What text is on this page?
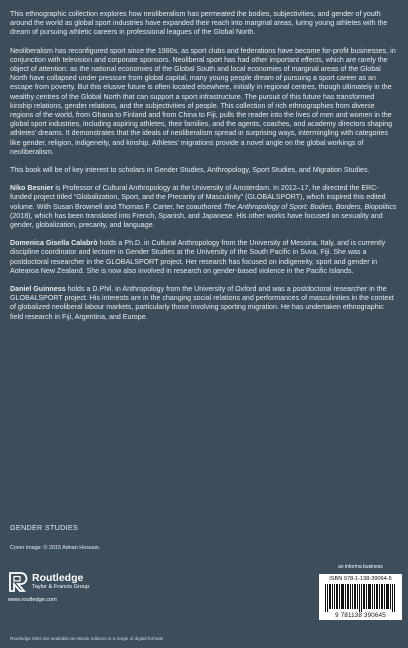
This ethnographic collection explores how neoliberalism has permeated the bodies, subjectivities, and gender of youth around the world as global sport industries have expanded their reach into marginal areas, luring young athletes with the dream of pursuing athletic careers in professional leagues of the Global North.

Neoliberalism has reconfigured sport since the 1980s, as sport clubs and federations have become for-profit businesses, in conjunction with television and corporate sponsors. Neoliberal sport has had other important effects, which are rarely the object of attention: as the national economies of the Global South and local economies of marginal areas of the Global North have collapsed under pressure from global capital, many young people dream of pursuing a sport career as an escape from poverty. But this elusive future is often located elsewhere, initially in regional centres, though ultimately in the wealthy centres of the Global North that can support a sport infrastructure. The pursuit of this future has transformed kinship relations, gender relations, and the subjectivities of people. This collection of rich ethnographies from diverse regions of the world, from Ghana to Finland and from China to Fiji, pulls the reader into the lives of men and women in the global sport industries, including aspiring athletes, their families, and the agents, coaches, and academy directors shaping athletes' dreams. It demonstrates that the ideals of neoliberalism spread in surprising ways, intermingling with categories like gender, religion, indigeneity, and kinship. Athletes' migrations provide a novel angle on the global workings of neoliberalism.

This book will be of key interest to scholars in Gender Studies, Anthropology, Sport Studies, and Migration Studies.

Niko Besnier is Professor of Cultural Anthropology at the University of Amsterdam. In 2012–17, he directed the ERC-funded project titled “Globalization, Sport, and the Precarity of Masculinity” (GLOBALSPORT), which inspired this edited volume. With Susan Brownell and Thomas F. Carter, he coauthored The Anthropology of Sport: Bodies, Borders, Biopolitics (2018), which has been translated into French, Spanish, and Japanese. His other works have focused on sexuality and gender, globalization, precarity, and language.

Domenica Gisella Calabrò holds a Ph.D. in Cultural Anthropology from the University of Messina, Italy, and is currently discipline coordinator and lecturer in Gender Studies at the University of the South Pacific in Suva, Fiji. She was a postdoctoral researcher in the GLOBALSPORT project. Her research has focused on indigeneity, sport and gender in Aotearoa New Zealand. She is now also involved in research on gender-based violence in the Pacific Islands.

Daniel Guinness holds a D.Phil. in Anthropology from the University of Oxford and was a postdoctoral researcher in the GLOBALSPORT project. His interests are in the changing social relations and performances of masculinities in the context of globalized neoliberal labour markets, particularly those involving sporting migration. He has undertaken ethnographic field research in Fiji, Argentina, and Europe.

GENDER STUDIES
Cover image: © 2015 Adnan Hossain.
Routledge
Taylor & Francis Group
www.routledge.com
an informa business
ISBN 978-1-138-39064-5
9 781138 390645
Routledge titles are available as eBook editions in a range of digital formats
